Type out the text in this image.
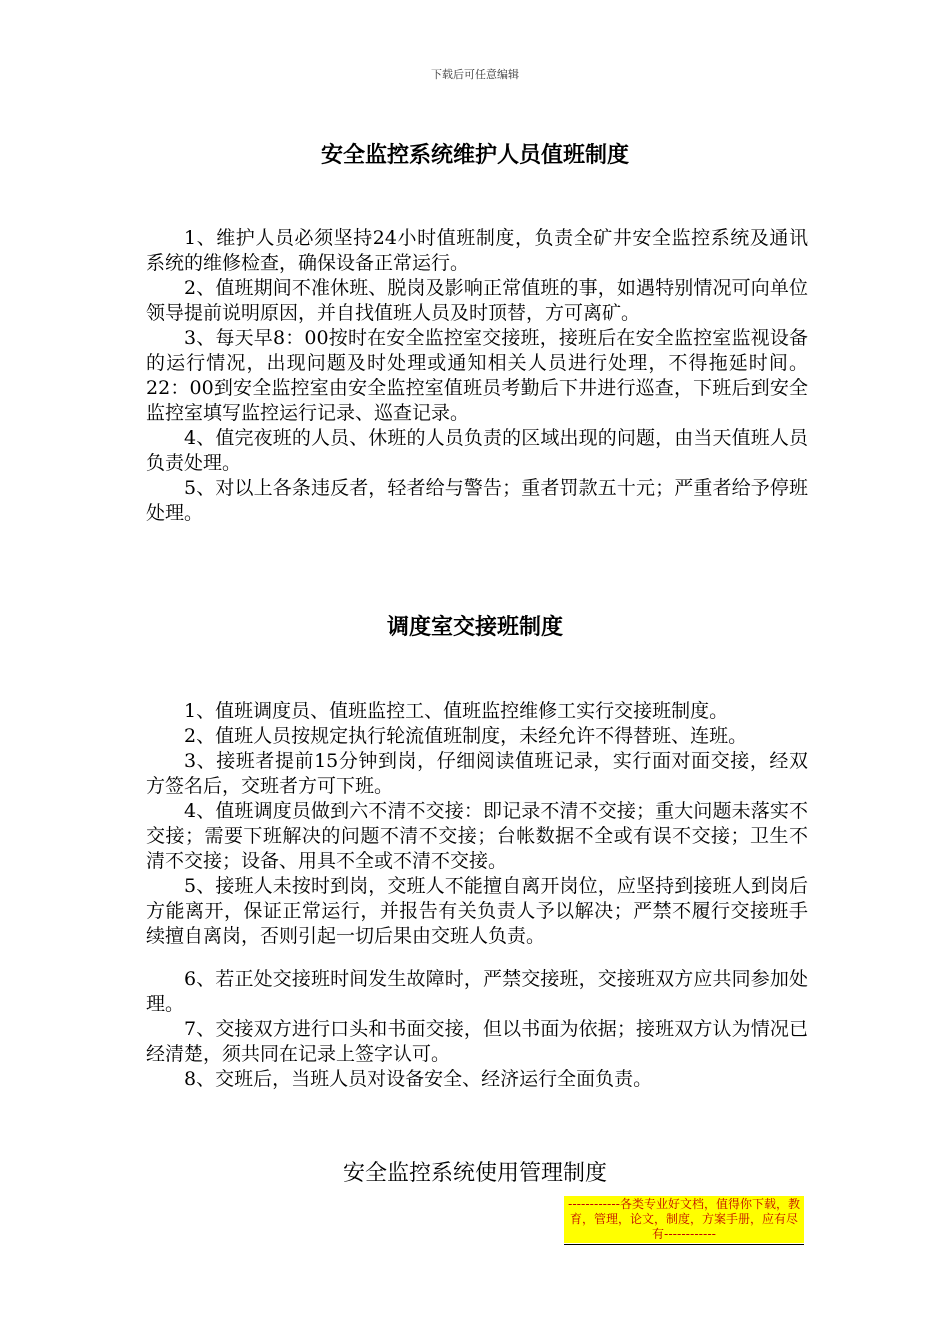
下载后可任意编辑
安全监控系统维护人员值班制度

1、维护人员必须坚持24小时值班制度，负责全矿井安全监控系统及通讯系统的维修检查，确保设备正常运行。

2、值班期间不准休班、脱岗及影响正常值班的事，如遇特别情况可向单位领导提前说明原因，并自找值班人员及时顶替，方可离矿。

3、每天早8：00按时在安全监控室交接班，接班后在安全监控室监视设备的运行情况，出现问题及时处理或通知相关人员进行处理，不得拖延时间。22：00到安全监控室由安全监控室值班员考勤后下井进行巡查，下班后到安全监控室填写监控运行记录、巡查记录。

4、值完夜班的人员、休班的人员负责的区域出现的问题，由当天值班人员负责处理。

5、对以上各条违反者，轻者给与警告；重者罚款五十元；严重者给予停班处理。

调度室交接班制度

1、值班调度员、值班监控工、值班监控维修工实行交接班制度。

2、值班人员按规定执行轮流值班制度，未经允许不得替班、连班。

3、接班者提前15分钟到岗，仔细阅读值班记录，实行面对面交接，经双方签名后，交班者方可下班。

4、值班调度员做到六不清不交接：即记录不清不交接；重大问题未落实不交接；需要下班解决的问题不清不交接；台帐数据不全或有误不交接；卫生不清不交接；设备、用具不全或不清不交接。

5、接班人未按时到岗，交班人不能擅自离开岗位，应坚持到接班人到岗后方能离开，保证正常运行，并报告有关负责人予以解决；严禁不履行交接班手续擅自离岗，否则引起一切后果由交班人负责。

6、若正处交接班时间发生故障时，严禁交接班，交接班双方应共同参加处理。

7、交接双方进行口头和书面交接，但以书面为依据；接班双方认为情况已经清楚，须共同在记录上签字认可。

8、交班后，当班人员对设备安全、经济运行全面负责。

安全监控系统使用管理制度
------------各类专业好文档，值得你下载，教育，管理，论文，制度，方案手册，应有尽有------------
